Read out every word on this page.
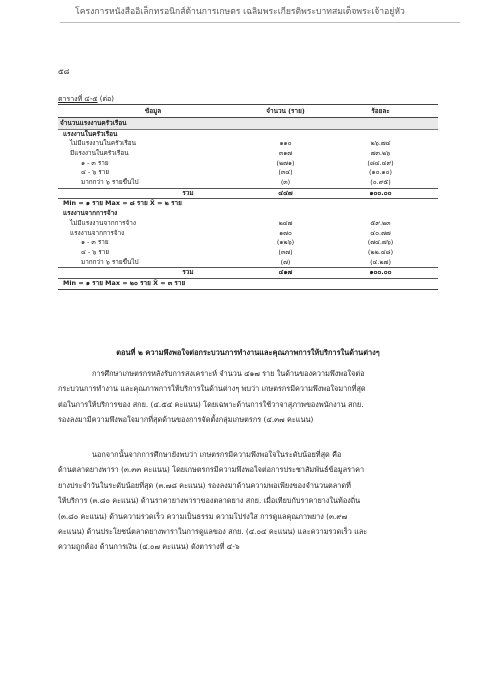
โครงการหนังสืออิเล็กทรอนิกส์ด้านการเกษตร เฉลิมพระเกียรติพระบาทสมเด็จพระเจ้าอยู่หัว
๕๘
ตารางที่ ๔-๕ (ต่อ)
ข้อมูล	จำนวน (ราย)	ร้อยละ
จำนวนแรงงานครัวเรือน		
แรงงานในครัวเรือน		
ไม่มีแรงงานในครัวเรือน	๑๑๐	๒๖.๗๔
มีแรงงานในครัวเรือน	๓๑๗	๗๓.๒๖
๑ - ๓ ราย	(๒๗๑)	(๘๔.๔๙)
๔ - ๖ ราย	(๓๔)	(๑๐.๑๐)
มากกว่า ๖ รายขึ้นไป	(๓)	(๐.๙๕)
รวม	๔๔๗	๑๐๐.๐๐
Min = ๑ ราย Max = ๘ ราย X̄ = ๒ ราย		
แรงงานจากการจ้าง		
ไม่มีแรงงานจากการจ้าง	๒๔๗	๕๙.๒๓
แรงงานจากการจ้าง	๑๗๐	๔๐.๗๗
๑ - ๓ ราย	(๑๒๖)	(๗๔.๗๖)
๔ - ๖ ราย	(๓๗)	(๒๒.๔๘)
มากกว่า ๖ รายขึ้นไป	(๗)	(๔.๒๗)
รวม	๔๑๗	๑๐๐.๐๐
Min = ๑ ราย Max = ๒๐ ราย X̄ = ๓ ราย		
ตอนที่ ๒ ความพึงพอใจต่อกระบวนการทำงานและคุณภาพการให้บริการในด้านต่างๆ
การศึกษาเกษตรกรหลังรับการสงเคราะห์ จำนวน ๔๑๗ ราย ในด้านของความพึงพอใจต่อ
กระบวนการทำงาน และคุณภาพการให้บริการในด้านต่างๆ พบว่า เกษตรกรมีความพึงพอใจมากที่สุด
ต่อในการให้บริการของ สกย. (๔.๕๔ คะแนน) โดยเฉพาะด้านการใช้วาจาสุภาพของพนักงาน สกย.
รองลงมามีความพึงพอใจมากที่สุดด้านของการจัดตั้งกลุ่มเกษตรกร (๔.๓๗ คะแนน)
นอกจากนั้นจากการศึกษายังพบว่า เกษตรกรมีความพึงพอใจในระดับน้อยที่สุด คือ
ด้านตลาดยางพารา (๓.๓๓ คะแนน) โดยเกษตรกรมีความพึงพอใจต่อการประชาสัมพันธ์ข้อมูลราคา
ยางประจำวันในระดับน้อยที่สุด (๓.๗๘ คะแนน) รองลงมาด้านความพอเพียงของจำนวนตลาดที่
ให้บริการ (๓.๘๐ คะแนน) ด้านราคายางพาราของตลาดยาง สกย. เมื่อเทียบกับราคายางในท้องถิ่น
(๓.๘๐ คะแนน) ด้านความรวดเร็ว ความเป็นธรรม ความโปร่งใส การดูแลคุณภาพยาง (๓.๙๗
คะแนน) ด้านประโยชน์ตลาดยางพาราในการดูแลของ สกย. (๔.๐๔ คะแนน) และความรวดเร็ว และ
ความถูกต้อง ด้านการเงิน (๔.๐๗ คะแนน) ดังตารางที่ ๔-๖
